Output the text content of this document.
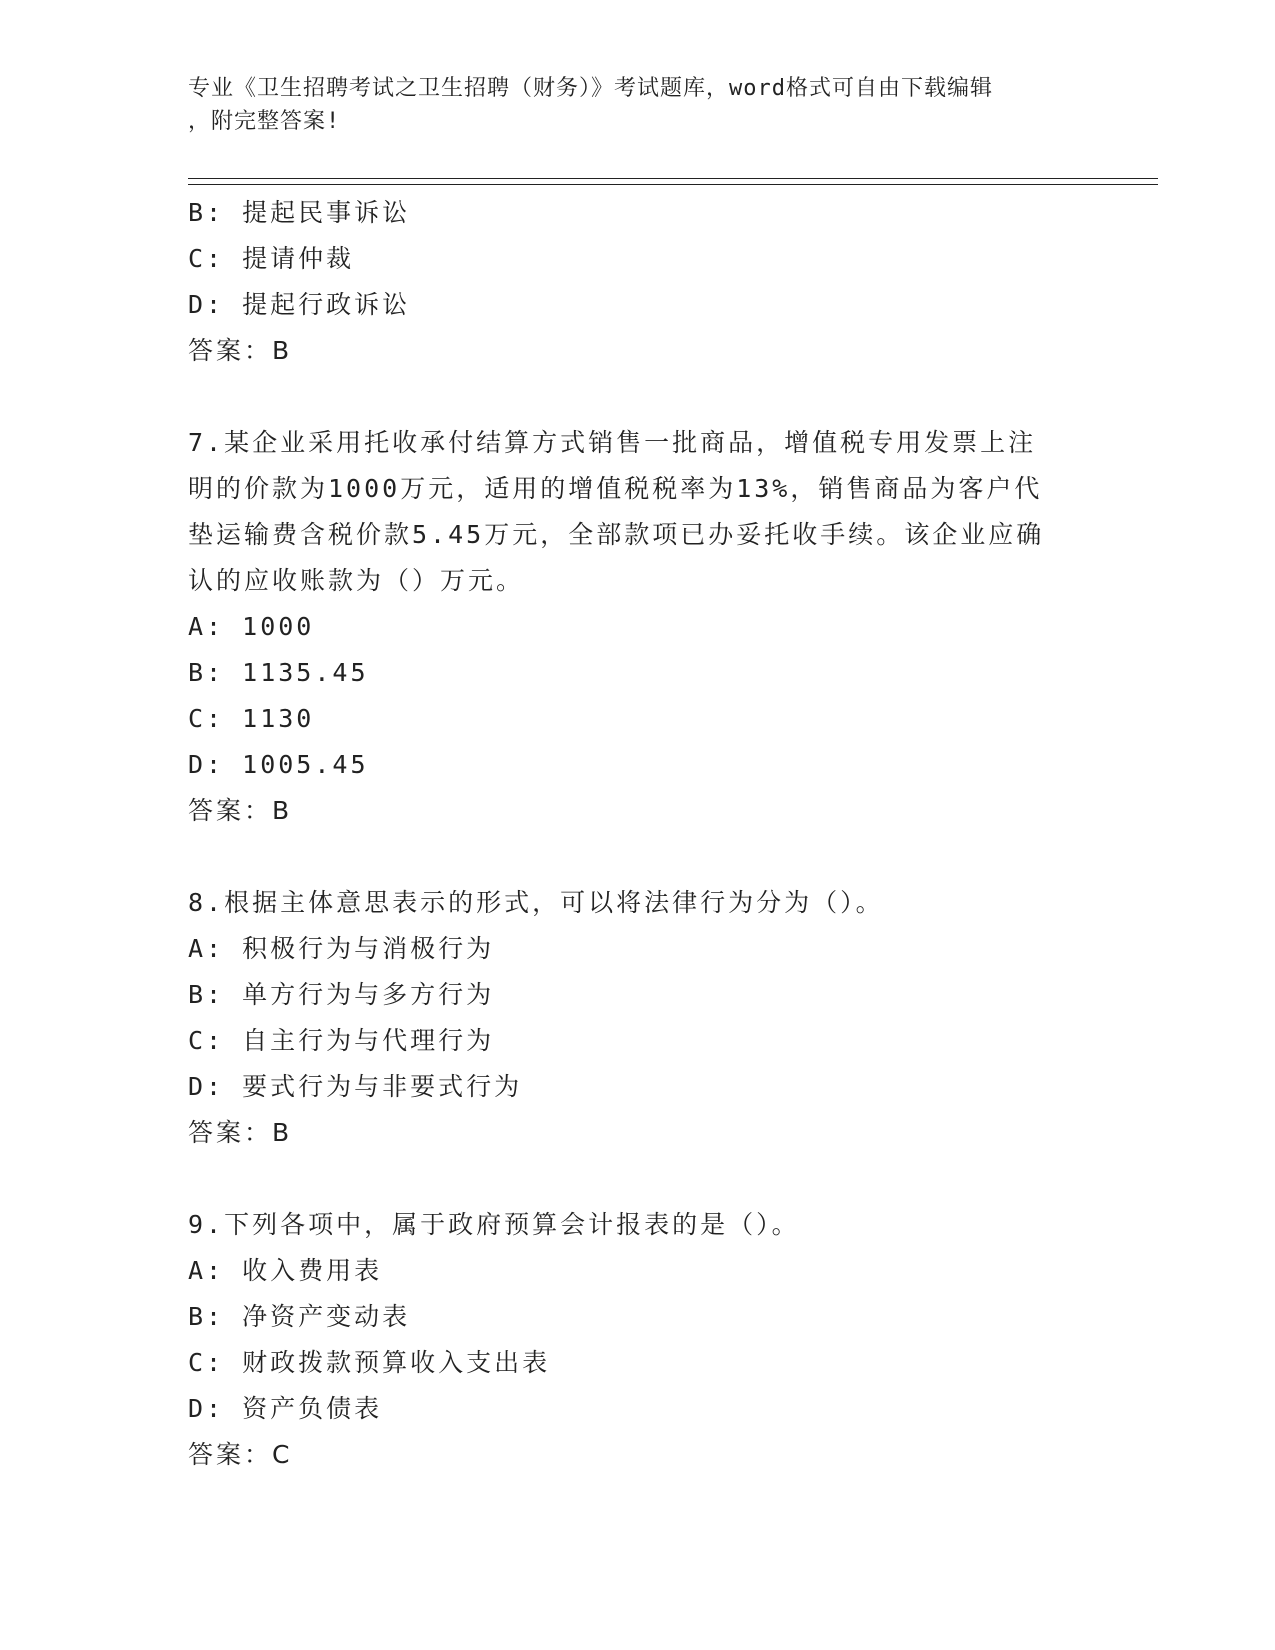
专业《卫生招聘考试之卫生招聘（财务）》考试题库，word格式可自由下载编辑
，附完整答案!
B: 提起民事诉讼
C: 提请仲裁
D: 提起行政诉讼
答案：B
7.某企业采用托收承付结算方式销售一批商品，增值税专用发票上注
明的价款为1000万元，适用的增值税税率为13%，销售商品为客户代
垫运输费含税价款5.45万元，全部款项已办妥托收手续。该企业应确
认的应收账款为（）万元。
A: 1000
B: 1135.45
C: 1130
D: 1005.45
答案：B
8.根据主体意思表示的形式，可以将法律行为分为（）。
A: 积极行为与消极行为
B: 单方行为与多方行为
C: 自主行为与代理行为
D: 要式行为与非要式行为
答案：B
9.下列各项中，属于政府预算会计报表的是（）。
A: 收入费用表
B: 净资产变动表
C: 财政拨款预算收入支出表
D: 资产负债表
答案：C
